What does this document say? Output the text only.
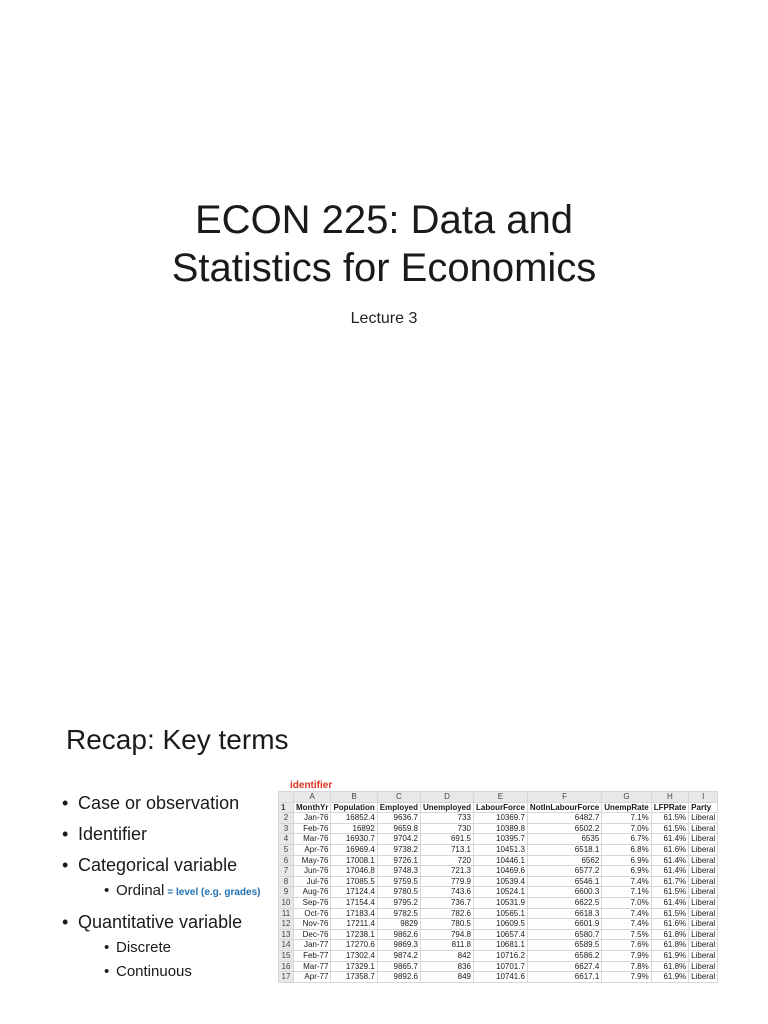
ECON 225: Data and
Statistics for Economics
Lecture 3
Recap: Key terms
• Case or observation
• Identifier
• Categorical variable
• Ordinal = level (e.g. grades)
• Quantitative variable
• Discrete
• Continuous
identifier
	A	B	C	D	E	F	G	H	I
1	MonthYr	Population	Employed	Unemployed	LabourForce	NotInLabourForce	UnempRate	LFPRate	Party
2	Jan-76	16852.4	9636.7	733	10369.7	6482.7	7.1%	61.5%	Liberal
3	Feb-76	16892	9659.8	730	10389.8	6502.2	7.0%	61.5%	Liberal
4	Mar-76	16930.7	9704.2	691.5	10395.7	6535	6.7%	61.4%	Liberal
5	Apr-76	16969.4	9738.2	713.1	10451.3	6518.1	6.8%	61.6%	Liberal
6	May-76	17008.1	9726.1	720	10446.1	6562	6.9%	61.4%	Liberal
7	Jun-76	17046.8	9748.3	721.3	10469.6	6577.2	6.9%	61.4%	Liberal
8	Jul-76	17085.5	9759.5	779.9	10539.4	6546.1	7.4%	61.7%	Liberal
9	Aug-76	17124.4	9780.5	743.6	10524.1	6600.3	7.1%	61.5%	Liberal
10	Sep-76	17154.4	9795.2	736.7	10531.9	6622.5	7.0%	61.4%	Liberal
11	Oct-76	17183.4	9782.5	782.6	10565.1	6618.3	7.4%	61.5%	Liberal
12	Nov-76	17211.4	9829	780.5	10609.5	6601.9	7.4%	61.6%	Liberal
13	Dec-76	17238.1	9862.6	794.8	10657.4	6580.7	7.5%	61.8%	Liberal
14	Jan-77	17270.6	9869.3	811.8	10681.1	6589.5	7.6%	61.8%	Liberal
15	Feb-77	17302.4	9874.2	842	10716.2	6586.2	7.9%	61.9%	Liberal
16	Mar-77	17329.1	9865.7	836	10701.7	6627.4	7.8%	61.8%	Liberal
17	Apr-77	17358.7	9892.6	849	10741.6	6617.1	7.9%	61.9%	Liberal
